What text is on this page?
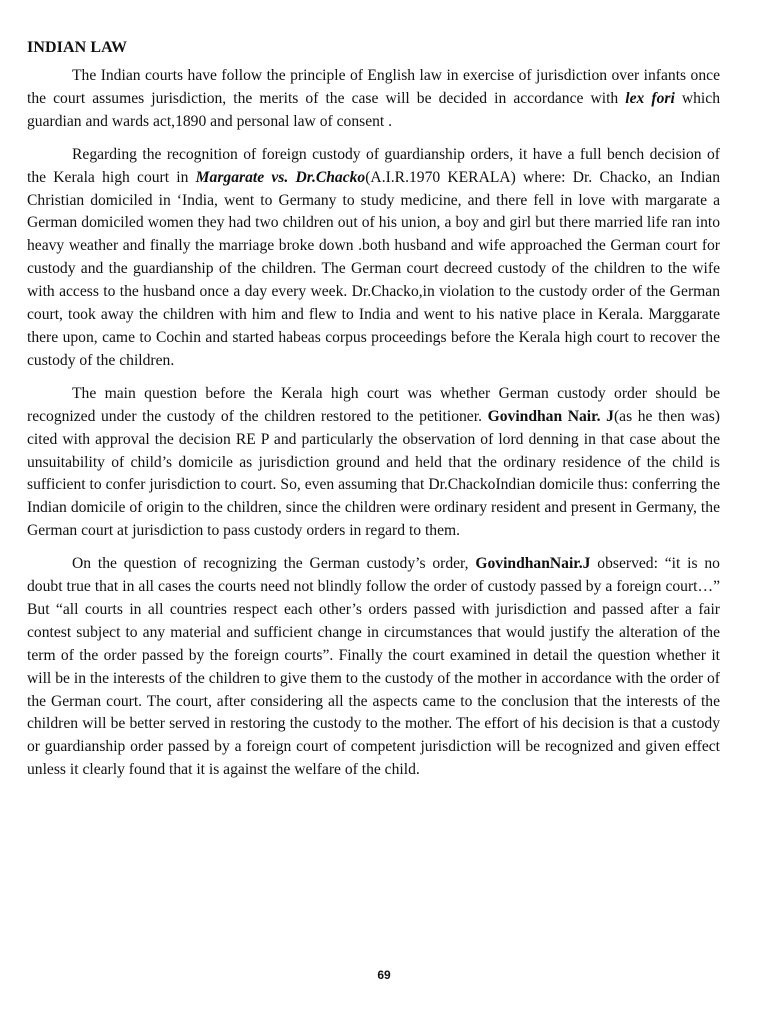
INDIAN LAW

The Indian courts have follow the principle of English law in exercise of jurisdiction over infants once the court assumes jurisdiction, the merits of the case will be decided in accordance with lex fori which guardian and wards act,1890 and personal law of consent .

Regarding the recognition of foreign custody of guardianship orders, it have a full bench decision of the Kerala high court in Margarate vs. Dr.Chacko(A.I.R.1970 KERALA) where: Dr. Chacko, an Indian Christian domiciled in ‘India, went to Germany to study medicine, and there fell in love with margarate a German domiciled women they had two children out of his union, a boy and girl but there married life ran into heavy weather and finally the marriage broke down .both husband and wife approached the German court for custody and the guardianship of the children. The German court decreed custody of the children to the wife with access to the husband once a day every week. Dr.Chacko,in violation to the custody order of the German court, took away the children with him and flew to India and went to his native place in Kerala. Marggarate there upon, came to Cochin and started habeas corpus proceedings before the Kerala high court to recover the custody of the children.

The main question before the Kerala high court was whether German custody order should be recognized under the custody of the children restored to the petitioner. Govindhan Nair. J(as he then was) cited with approval the decision RE P and particularly the observation of lord denning in that case about the unsuitability of child’s domicile as jurisdiction ground and held that the ordinary residence of the child is sufficient to confer jurisdiction to court. So, even assuming that Dr.ChackoIndian domicile thus: conferring the Indian domicile of origin to the children, since the children were ordinary resident and present in Germany, the German court at jurisdiction to pass custody orders in regard to them.

On the question of recognizing the German custody’s order, GovindhanNair.J observed: “it is no doubt true that in all cases the courts need not blindly follow the order of custody passed by a foreign court…” But “all courts in all countries respect each other’s orders passed with jurisdiction and passed after a fair contest subject to any material and sufficient change in circumstances that would justify the alteration of the term of the order passed by the foreign courts”. Finally the court examined in detail the question whether it will be in the interests of the children to give them to the custody of the mother in accordance with the order of the German court. The court, after considering all the aspects came to the conclusion that the interests of the children will be better served in restoring the custody to the mother. The effort of his decision is that a custody or guardianship order passed by a foreign court of competent jurisdiction will be recognized and given effect unless it clearly found that it is against the welfare of the child.

69
